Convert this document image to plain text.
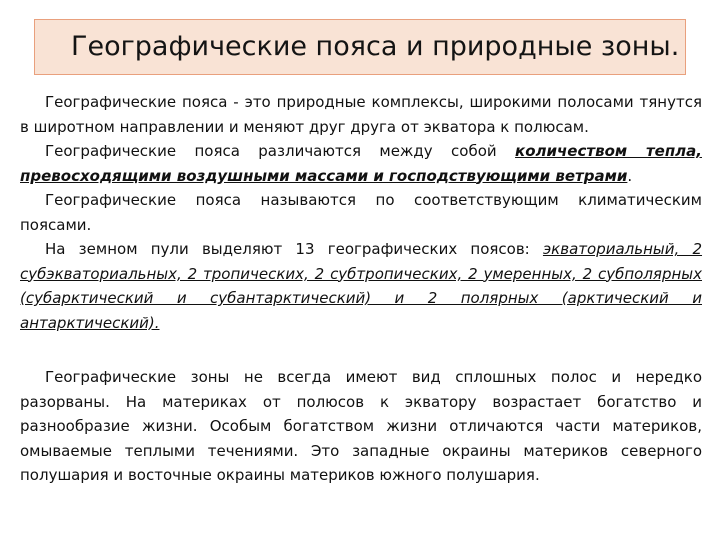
Географические пояса и природные зоны.

Географические пояса - это природные комплексы, широкими полосами тянутся в широтном направлении и меняют друг друга от экватора к полюсам.

Географические пояса различаются между собой количеством тепла, превосходящими воздушными массами и господствующими ветрами.

Географические пояса называются по соответствующим климатическим поясами.

На земном пули выделяют 13 географических поясов: экваториальный, 2 субэкваториальных, 2 тропических, 2 субтропических, 2 умеренных, 2 субполярных (субарктический и субантарктический) и 2 полярных (арктический и антарктический).

Географические зоны не всегда имеют вид сплошных полос и нередко разорваны. На материках от полюсов к экватору возрастает богатство и разнообразие жизни. Особым богатством жизни отличаются части материков, омываемые теплыми течениями. Это западные окраины материков северного полушария и восточные окраины материков южного полушария.
